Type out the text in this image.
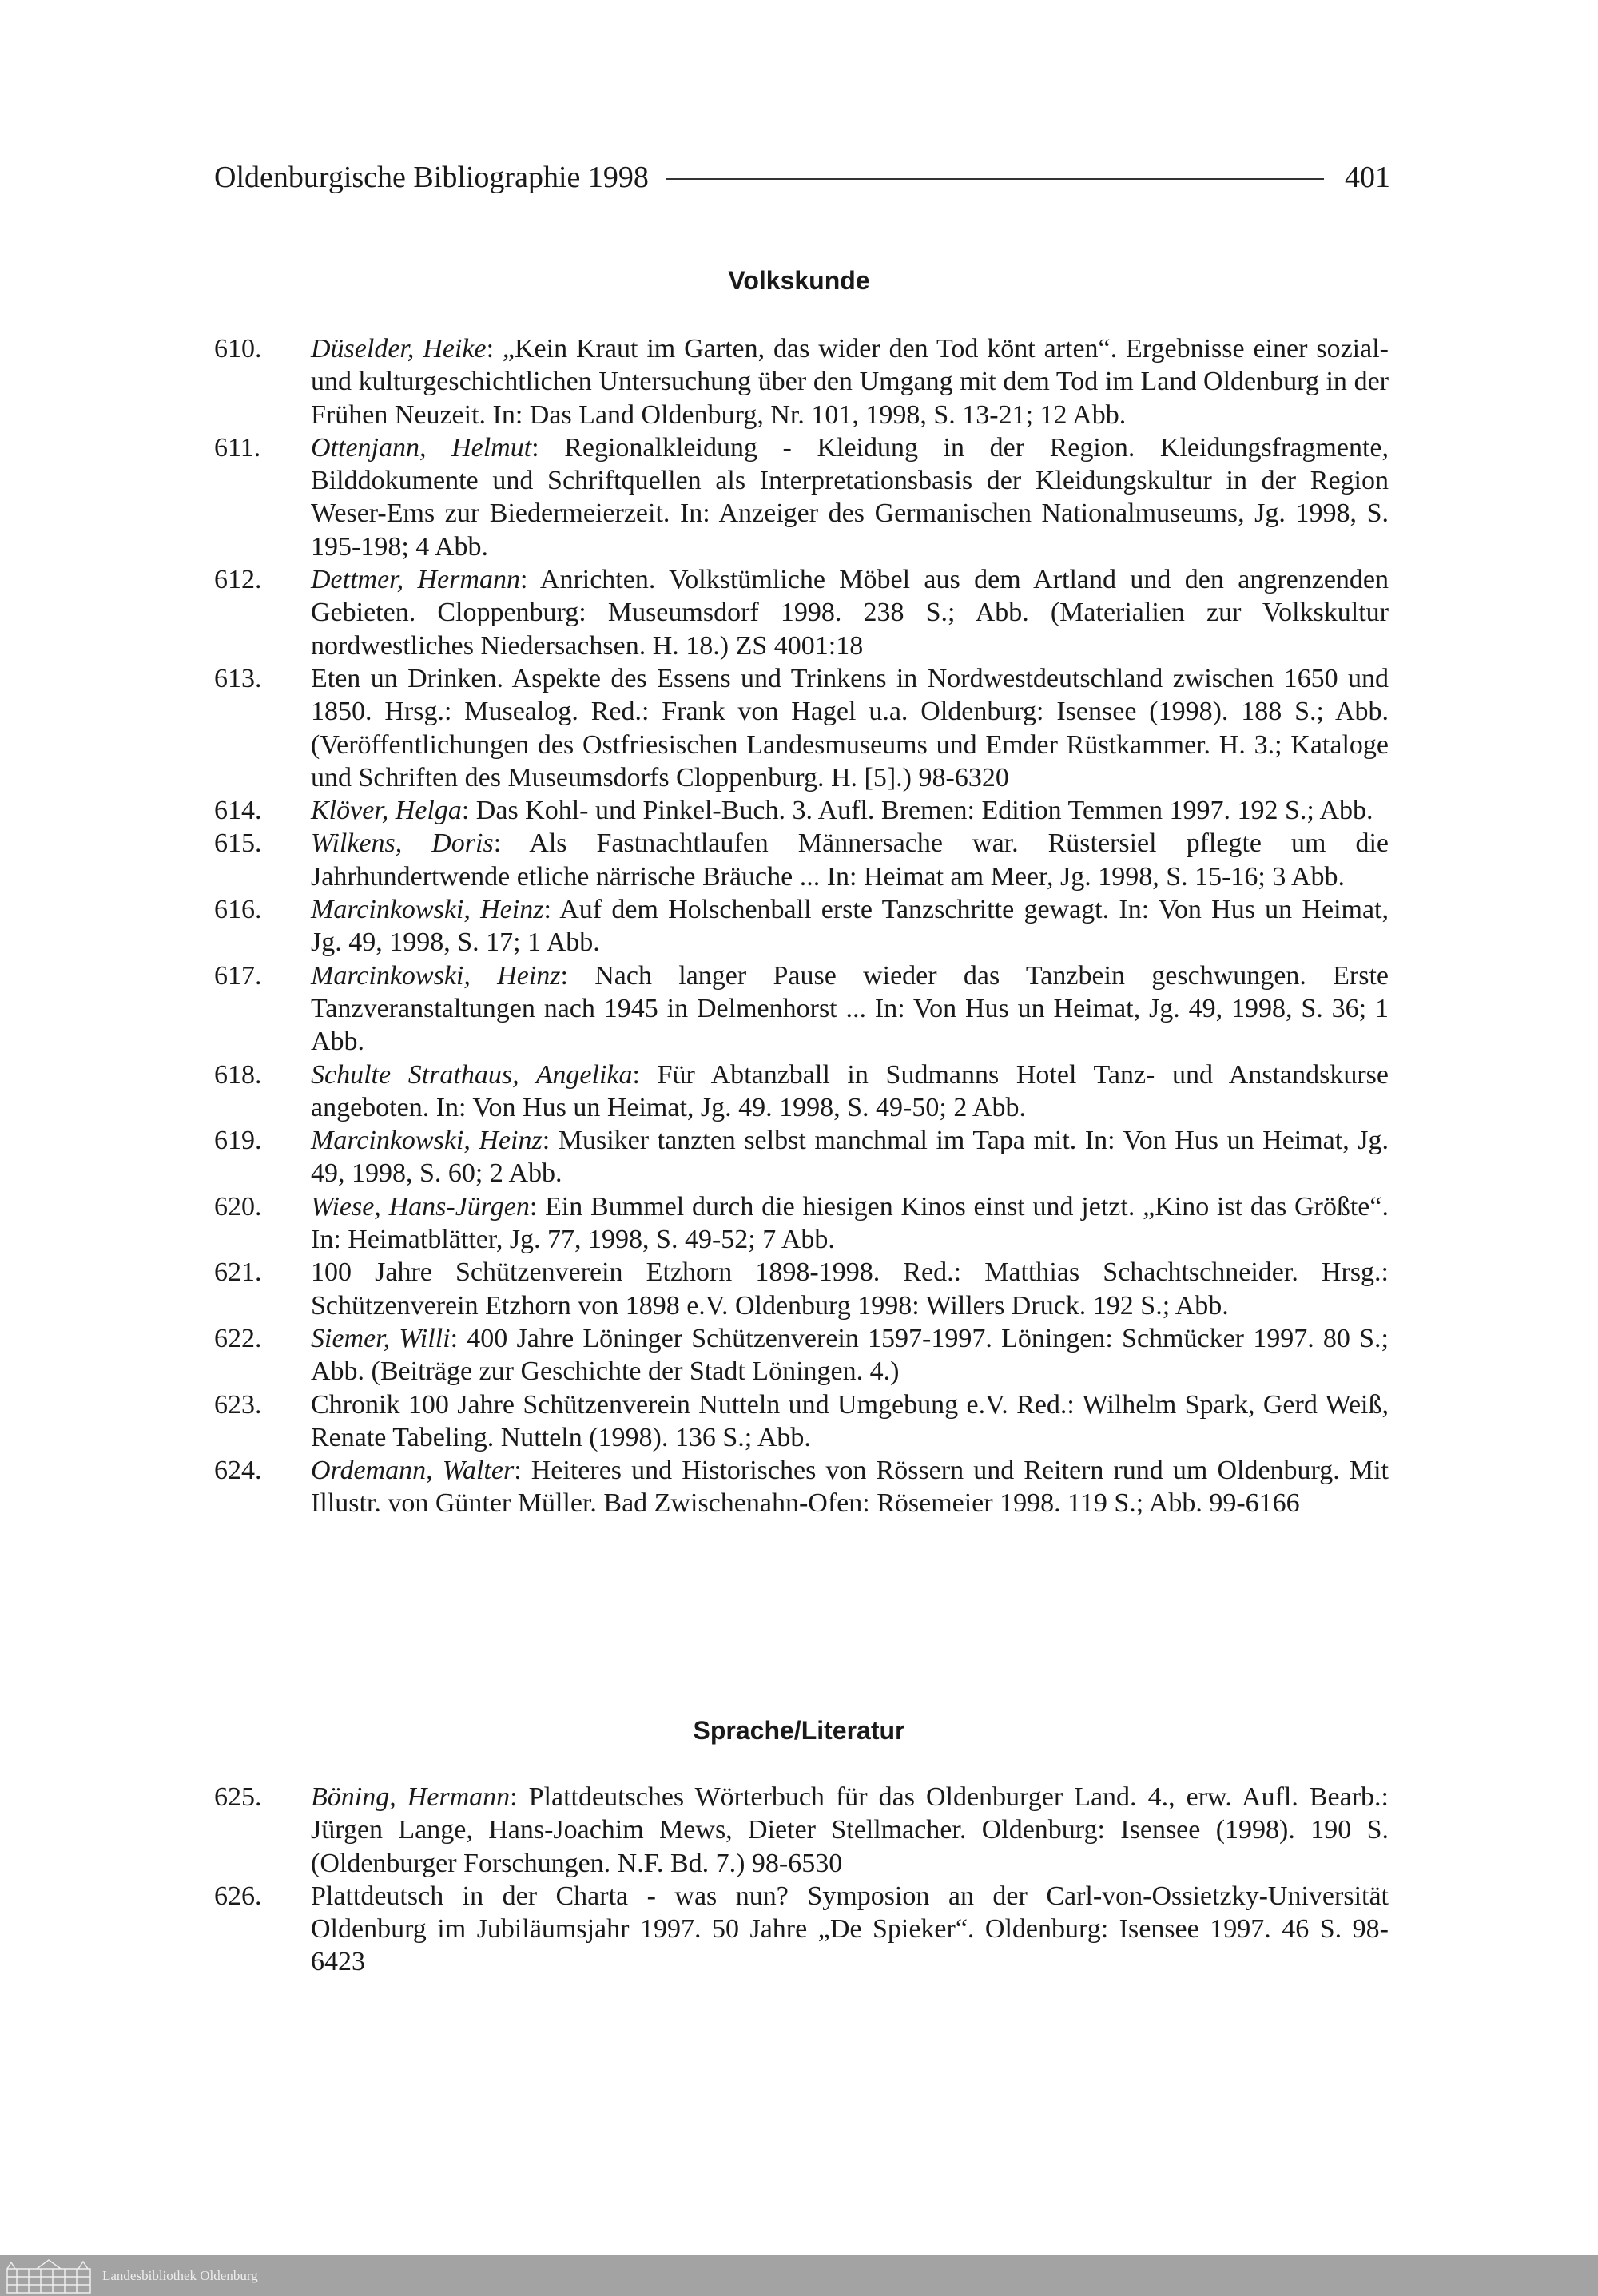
Oldenburgische Bibliographie 1998	401
Volkskunde
610.	Düselder, Heike: „Kein Kraut im Garten, das wider den Tod könt arten“. Ergebnisse einer sozial- und kulturgeschichtlichen Untersuchung über den Umgang mit dem Tod im Land Oldenburg in der Frühen Neuzeit. In: Das Land Oldenburg, Nr. 101, 1998, S. 13-21; 12 Abb.
611.	Ottenjann, Helmut: Regionalkleidung - Kleidung in der Region. Kleidungsfragmente, Bilddokumente und Schriftquellen als Interpretationsbasis der Kleidungskultur in der Region Weser-Ems zur Biedermeierzeit. In: Anzeiger des Germanischen Nationalmuseums, Jg. 1998, S. 195-198; 4 Abb.
612.	Dettmer, Hermann: Anrichten. Volkstümliche Möbel aus dem Artland und den angrenzenden Gebieten. Cloppenburg: Museumsdorf 1998. 238 S.; Abb. (Materialien zur Volkskultur nordwestliches Niedersachsen. H. 18.) ZS 4001:18
613.	Eten un Drinken. Aspekte des Essens und Trinkens in Nordwestdeutschland zwischen 1650 und 1850. Hrsg.: Musealog. Red.: Frank von Hagel u.a. Oldenburg: Isensee (1998). 188 S.; Abb. (Veröffentlichungen des Ostfriesischen Landesmuseums und Emder Rüstkammer. H. 3.; Kataloge und Schriften des Museumsdorfs Cloppenburg. H. [5].) 98-6320
614.	Klöver, Helga: Das Kohl- und Pinkel-Buch. 3. Aufl. Bremen: Edition Temmen 1997. 192 S.; Abb.
615.	Wilkens, Doris: Als Fastnachtlaufen Männersache war. Rüstersiel pflegte um die Jahrhundertwende etliche närrische Bräuche ... In: Heimat am Meer, Jg. 1998, S. 15-16; 3 Abb.
616.	Marcinkowski, Heinz: Auf dem Holschenball erste Tanzschritte gewagt. In: Von Hus un Heimat, Jg. 49, 1998, S. 17; 1 Abb.
617.	Marcinkowski, Heinz: Nach langer Pause wieder das Tanzbein geschwungen. Erste Tanzveranstaltungen nach 1945 in Delmenhorst ... In: Von Hus un Heimat, Jg. 49, 1998, S. 36; 1 Abb.
618.	Schulte Strathaus, Angelika: Für Abtanzball in Sudmanns Hotel Tanz- und Anstandskurse angeboten. In: Von Hus un Heimat, Jg. 49. 1998, S. 49-50; 2 Abb.
619.	Marcinkowski, Heinz: Musiker tanzten selbst manchmal im Tapa mit. In: Von Hus un Heimat, Jg. 49, 1998, S. 60; 2 Abb.
620.	Wiese, Hans-Jürgen: Ein Bummel durch die hiesigen Kinos einst und jetzt. „Kino ist das Größte“. In: Heimatblätter, Jg. 77, 1998, S. 49-52; 7 Abb.
621.	100 Jahre Schützenverein Etzhorn 1898-1998. Red.: Matthias Schachtschneider. Hrsg.: Schützenverein Etzhorn von 1898 e.V. Oldenburg 1998: Willers Druck. 192 S.; Abb.
622.	Siemer, Willi: 400 Jahre Löninger Schützenverein 1597-1997. Löningen: Schmücker 1997. 80 S.; Abb. (Beiträge zur Geschichte der Stadt Löningen. 4.)
623.	Chronik 100 Jahre Schützenverein Nutteln und Umgebung e.V. Red.: Wilhelm Spark, Gerd Weiß, Renate Tabeling. Nutteln (1998). 136 S.; Abb.
624.	Ordemann, Walter: Heiteres und Historisches von Rössern und Reitern rund um Oldenburg. Mit Illustr. von Günter Müller. Bad Zwischenahn-Ofen: Rösemeier 1998. 119 S.; Abb. 99-6166
Sprache/Literatur
625.	Böning, Hermann: Plattdeutsches Wörterbuch für das Oldenburger Land. 4., erw. Aufl. Bearb.: Jürgen Lange, Hans-Joachim Mews, Dieter Stellmacher. Oldenburg: Isensee (1998). 190 S. (Oldenburger Forschungen. N.F. Bd. 7.) 98-6530
626.	Plattdeutsch in der Charta - was nun? Symposion an der Carl-von-Ossietzky-Universität Oldenburg im Jubiläumsjahr 1997. 50 Jahre „De Spieker“. Oldenburg: Isensee 1997. 46 S. 98-6423
Landesbibliothek Oldenburg
